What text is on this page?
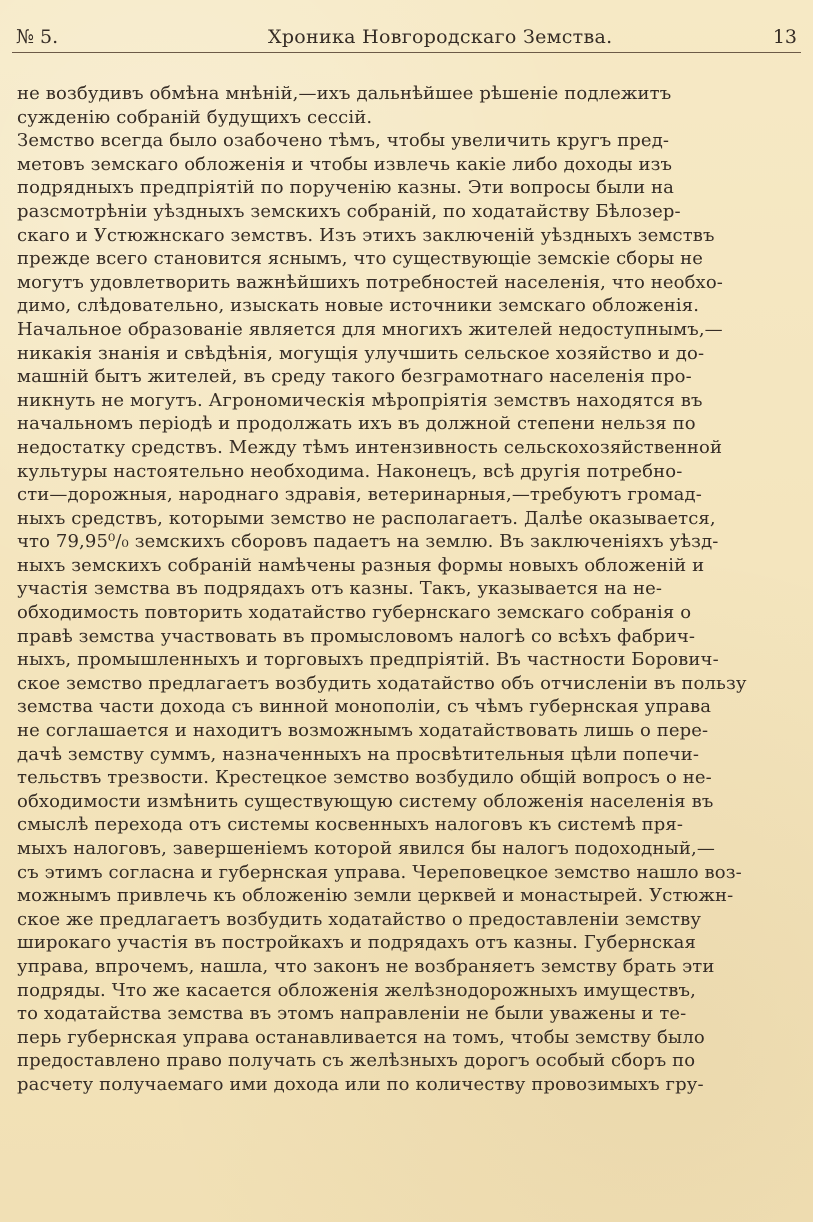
№ 5.	Хроника Новгородскаго Земства.	13
не возбудивъ обмѣна мнѣній,—ихъ дальнѣйшее рѣшеніе подлежитъ
сужденію собраній будущихъ сессій.
Земство всегда было озабочено тѣмъ, чтобы увеличить кругъ пред-
метовъ земскаго обложенія и чтобы извлечь какіе либо доходы изъ
подрядныхъ предпріятій по порученію казны. Эти вопросы были на
разсмотрѣніи уѣздныхъ земскихъ собраній, по ходатайству Бѣлозер-
скаго и Устюжнскаго земствъ. Изъ этихъ заключеній уѣздныхъ земствъ
прежде всего становится яснымъ, что существующіе земскіе сборы не
могутъ удовлетворить важнѣйшихъ потребностей населенія, что необхо-
димо, слѣдовательно, изыскать новые источники земскаго обложенія.
Начальное образованіе является для многихъ жителей недоступнымъ,—
никакія знанія и свѣдѣнія, могущія улучшить сельское хозяйство и до-
машній бытъ жителей, въ среду такого безграмотнаго населенія про-
никнуть не могутъ. Агрономическія мѣропріятія земствъ находятся въ
начальномъ періодѣ и продолжать ихъ въ должной степени нельзя по
недостатку средствъ. Между тѣмъ интензивность сельскохозяйственной
культуры настоятельно необходима. Наконецъ, всѣ другія потребно-
сти—дорожныя, народнаго здравія, ветеринарныя,—требуютъ громад-
ныхъ средствъ, которыми земство не располагаетъ. Далѣе оказывается,
что 79,95⁰/₀ земскихъ сборовъ падаетъ на землю. Въ заключеніяхъ уѣзд-
ныхъ земскихъ собраній намѣчены разныя формы новыхъ обложеній и
участія земства въ подрядахъ отъ казны. Такъ, указывается на не-
обходимость повторить ходатайство губернскаго земскаго собранія о
правѣ земства участвовать въ промысловомъ налогѣ со всѣхъ фабрич-
ныхъ, промышленныхъ и торговыхъ предпріятій. Въ частности Борович-
ское земство предлагаетъ возбудить ходатайство объ отчисленіи въ пользу
земства части дохода съ винной монополіи, съ чѣмъ губернская управа
не соглашается и находитъ возможнымъ ходатайствовать лишь о пере-
дачѣ земству суммъ, назначенныхъ на просвѣтительныя цѣли попечи-
тельствъ трезвости. Крестецкое земство возбудило общій вопросъ о не-
обходимости измѣнить существующую систему обложенія населенія въ
смыслѣ перехода отъ системы косвенныхъ налоговъ къ системѣ пря-
мыхъ налоговъ, завершеніемъ которой явился бы налогъ подоходный,—
съ этимъ согласна и губернская управа. Череповецкое земство нашло воз-
можнымъ привлечь къ обложенію земли церквей и монастырей. Устюжн-
ское же предлагаетъ возбудить ходатайство о предоставленіи земству
широкаго участія въ постройкахъ и подрядахъ отъ казны. Губернская
управа, впрочемъ, нашла, что законъ не возбраняетъ земству брать эти
подряды. Что же касается обложенія желѣзнодорожныхъ имуществъ,
то ходатайства земства въ этомъ направленіи не были уважены и те-
перь губернская управа останавливается на томъ, чтобы земству было
предоставлено право получать съ желѣзныхъ дорогъ особый сборъ по
расчету получаемаго ими дохода или по количеству провозимыхъ гру-
